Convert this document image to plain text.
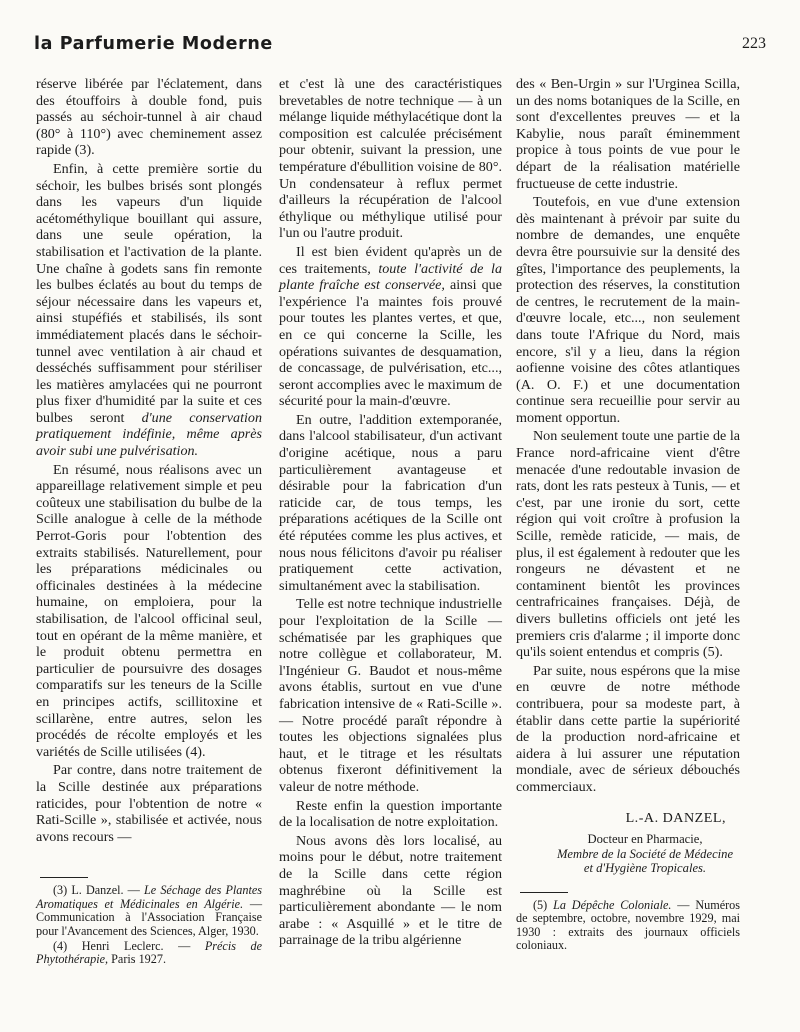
la Parfumerie Moderne	223

réserve libérée par l'éclatement, dans des étouffoirs à double fond, puis passés au séchoir-tunnel à air chaud (80° à 110°) avec cheminement assez rapide (3).

Enfin, à cette première sortie du séchoir, les bulbes brisés sont plongés dans les vapeurs d'un liquide acétométhylique bouillant qui assure, dans une seule opération, la stabilisation et l'activation de la plante. Une chaîne à godets sans fin remonte les bulbes éclatés au bout du temps de séjour nécessaire dans les vapeurs et, ainsi stupéfiés et stabilisés, ils sont immédiatement placés dans le séchoir-tunnel avec ventilation à air chaud et desséchés suffisamment pour stériliser les matières amylacées qui ne pourront plus fixer d'humidité par la suite et ces bulbes seront d'une conservation pratiquement indéfinie, même après avoir subi une pulvérisation.

En résumé, nous réalisons avec un appareillage relativement simple et peu coûteux une stabilisation du bulbe de la Scille analogue à celle de la méthode Perrot-Goris pour l'obtention des extraits stabilisés. Naturellement, pour les préparations médicinales ou officinales destinées à la médecine humaine, on emploiera, pour la stabilisation, de l'alcool officinal seul, tout en opérant de la même manière, et le produit obtenu permettra en particulier de poursuivre des dosages comparatifs sur les teneurs de la Scille en principes actifs, scillitoxine et scillarène, entre autres, selon les procédés de récolte employés et les variétés de Scille utilisées (4).

Par contre, dans notre traitement de la Scille destinée aux préparations raticides, pour l'obtention de notre « Rati-Scille », stabilisée et activée, nous avons recours —

(3) L. Danzel. — Le Séchage des Plantes Aromatiques et Médicinales en Algérie. — Communication à l'Association Française pour l'Avancement des Sciences, Alger, 1930.

(4) Henri Leclerc. — Précis de Phytothérapie, Paris 1927.

et c'est là une des caractéristiques brevetables de notre technique — à un mélange liquide méthylacétique dont la composition est calculée précisément pour obtenir, suivant la pression, une température d'ébullition voisine de 80°. Un condensateur à reflux permet d'ailleurs la récupération de l'alcool éthylique ou méthylique utilisé pour l'un ou l'autre produit.

Il est bien évident qu'après un de ces traitements, toute l'activité de la plante fraîche est conservée, ainsi que l'expérience l'a maintes fois prouvé pour toutes les plantes vertes, et que, en ce qui concerne la Scille, les opérations suivantes de desquamation, de concassage, de pulvérisation, etc..., seront accomplies avec le maximum de sécurité pour la main-d'œuvre.

En outre, l'addition extemporanée, dans l'alcool stabilisateur, d'un activant d'origine acétique, nous a paru particulièrement avantageuse et désirable pour la fabrication d'un raticide car, de tous temps, les préparations acétiques de la Scille ont été réputées comme les plus actives, et nous nous félicitons d'avoir pu réaliser pratiquement cette activation, simultanément avec la stabilisation.

Telle est notre technique industrielle pour l'exploitation de la Scille — schématisée par les graphiques que notre collègue et collaborateur, M. l'Ingénieur G. Baudot et nous-même avons établis, surtout en vue d'une fabrication intensive de « Rati-Scille ». — Notre procédé paraît répondre à toutes les objections signalées plus haut, et le titrage et les résultats obtenus fixeront définitivement la valeur de notre méthode.

Reste enfin la question importante de la localisation de notre exploitation.

Nous avons dès lors localisé, au moins pour le début, notre traitement de la Scille dans cette région maghrébine où la Scille est particulièrement abondante — le nom arabe : « Asquillé » et le titre de parrainage de la tribu algérienne

des « Ben-Urgin » sur l'Urginea Scilla, un des noms botaniques de la Scille, en sont d'excellentes preuves — et la Kabylie, nous paraît éminemment propice à tous points de vue pour le départ de la réalisation matérielle fructueuse de cette industrie.

Toutefois, en vue d'une extension dès maintenant à prévoir par suite du nombre de demandes, une enquête devra être poursuivie sur la densité des gîtes, l'importance des peuplements, la protection des réserves, la constitution de centres, le recrutement de la main-d'œuvre locale, etc..., non seulement dans toute l'Afrique du Nord, mais encore, s'il y a lieu, dans la région aofienne voisine des côtes atlantiques (A. O. F.) et une documentation continue sera recueillie pour servir au moment opportun.

Non seulement toute une partie de la France nord-africaine vient d'être menacée d'une redoutable invasion de rats, dont les rats pesteux à Tunis, — et c'est, par une ironie du sort, cette région qui voit croître à profusion la Scille, remède raticide, — mais, de plus, il est également à redouter que les rongeurs ne dévastent et ne contaminent bientôt les provinces centrafricaines françaises. Déjà, de divers bulletins officiels ont jeté les premiers cris d'alarme ; il importe donc qu'ils soient entendus et compris (5).

Par suite, nous espérons que la mise en œuvre de notre méthode contribuera, pour sa modeste part, à établir dans cette partie la supériorité de la production nord-africaine et aidera à lui assurer une réputation mondiale, avec de sérieux débouchés commerciaux.

L.-A. DANZEL,
Docteur en Pharmacie,
Membre de la Société de Médecine
et d'Hygiène Tropicales.

(5) La Dépêche Coloniale. — Numéros de septembre, octobre, novembre 1929, mai 1930 : extraits des journaux officiels coloniaux.
